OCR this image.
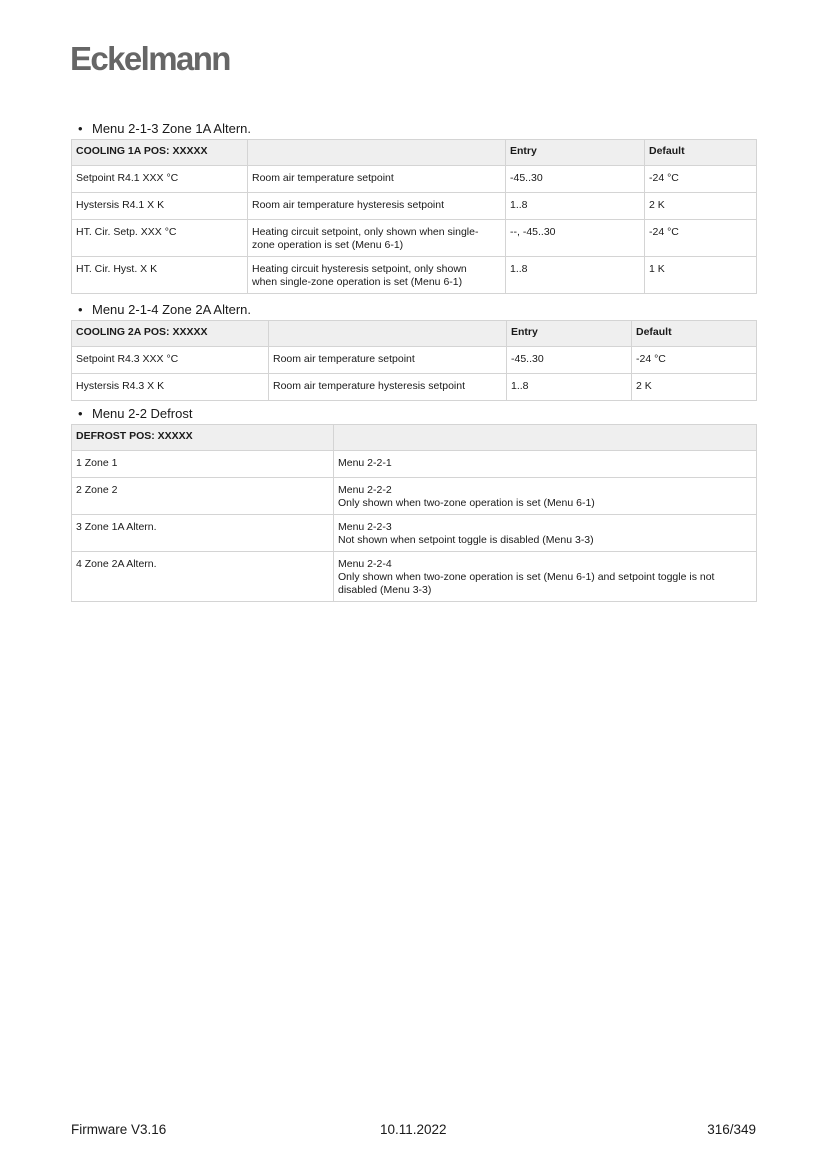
Eckelmann
• Menu 2-1-3 Zone 1A Altern.
COOLING 1A POS: XXXXX		Entry	Default
Setpoint R4.1 XXX °C	Room air temperature setpoint	-45..30	-24 °C
Hystersis R4.1 X K	Room air temperature hysteresis setpoint	1..8	2 K
HT. Cir. Setp. XXX °C	Heating circuit setpoint, only shown when single-
zone operation is set (Menu 6-1)	--, -45..30	-24 °C
HT. Cir. Hyst. X K	Heating circuit hysteresis setpoint, only shown
when single-zone operation is set (Menu 6-1)	1..8	1 K
• Menu 2-1-4 Zone 2A Altern.
COOLING 2A POS: XXXXX		Entry	Default
Setpoint R4.3 XXX °C	Room air temperature setpoint	-45..30	-24 °C
Hystersis R4.3 X K	Room air temperature hysteresis setpoint	1..8	2 K
• Menu 2-2 Defrost
DEFROST POS: XXXXX	
1 Zone 1	Menu 2-2-1
2 Zone 2	Menu 2-2-2
Only shown when two-zone operation is set (Menu 6-1)

3 Zone 1A Altern.	Menu 2-2-3
Not shown when setpoint toggle is disabled (Menu 3-3)

4 Zone 2A Altern.	Menu 2-2-4
Only shown when two-zone operation is set (Menu 6-1) and setpoint toggle is not
disabled (Menu 3-3)
Firmware V3.16	10.11.2022	316/349
